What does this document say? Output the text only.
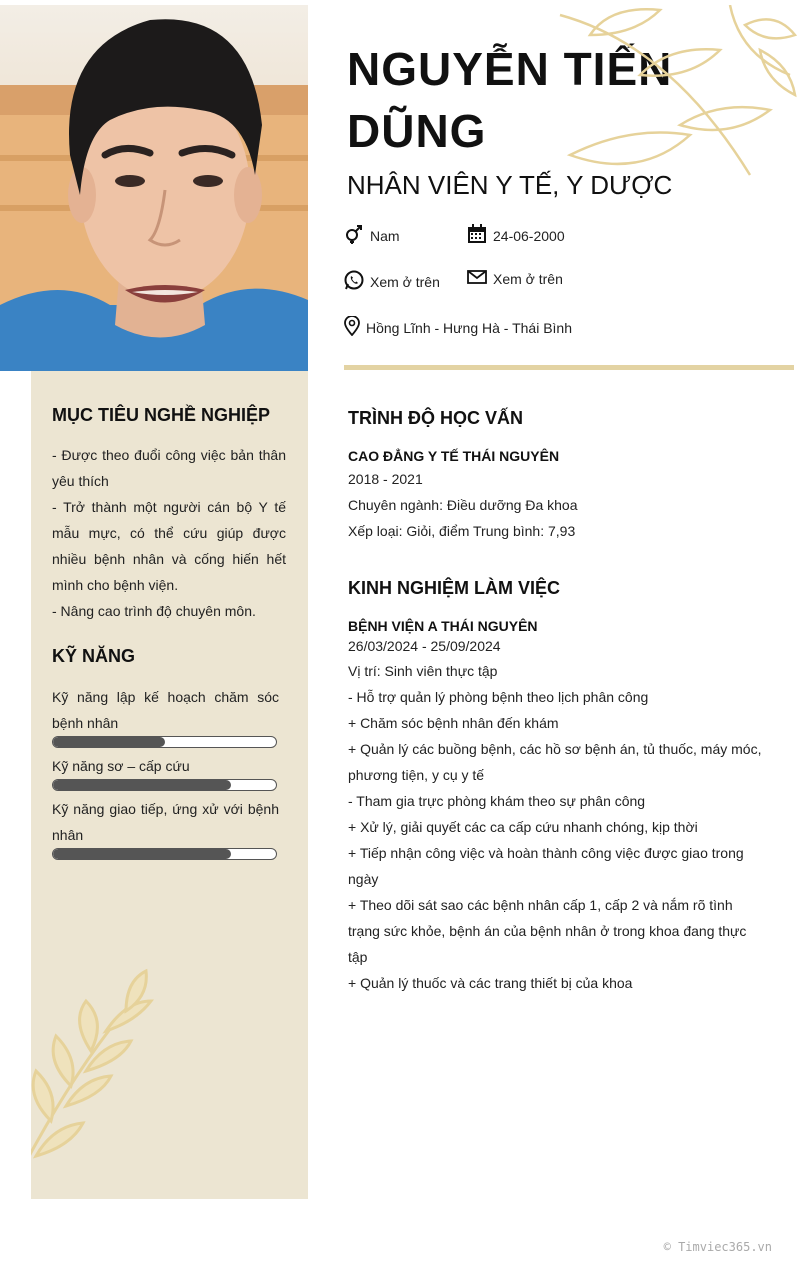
NGUYỄN TIẾN DŨNG
NHÂN VIÊN Y TẾ, Y DƯỢC
Nam	24-06-2000
Xem ở trên	Xem ở trên
Hồng Lĩnh - Hưng Hà - Thái Bình
MỤC TIÊU NGHỀ NGHIỆP
- Được theo đuổi công việc bản thân yêu thích
- Trở thành một người cán bộ Y tế mẫu mực, có thể cứu giúp được nhiều bệnh nhân và cống hiến hết mình cho bệnh viện.
- Nâng cao trình độ chuyên môn.
KỸ NĂNG
Kỹ năng lập kế hoạch chăm sóc bệnh nhân
Kỹ năng sơ – cấp cứu
Kỹ năng giao tiếp, ứng xử với bệnh nhân
TRÌNH ĐỘ HỌC VẤN
CAO ĐẲNG Y TẾ THÁI NGUYÊN
2018 - 2021
Chuyên ngành: Điều dưỡng Đa khoa
Xếp loại: Giỏi, điểm Trung bình: 7,93
KINH NGHIỆM LÀM VIỆC
BỆNH VIỆN A THÁI NGUYÊN
26/03/2024 - 25/09/2024
Vị trí: Sinh viên thực tập
- Hỗ trợ quản lý phòng bệnh theo lịch phân công
+ Chăm sóc bệnh nhân đến khám
+ Quản lý các buồng bệnh, các hồ sơ bệnh án, tủ thuốc, máy móc, phương tiện, y cụ y tế
- Tham gia trực phòng khám theo sự phân công
+ Xử lý, giải quyết các ca cấp cứu nhanh chóng, kịp thời
+ Tiếp nhận công việc và hoàn thành công việc được giao trong ngày
+ Theo dõi sát sao các bệnh nhân cấp 1, cấp 2 và nắm rõ tình trạng sức khỏe, bệnh án của bệnh nhân ở trong khoa đang thực tập
+ Quản lý thuốc và các trang thiết bị của khoa
© Timviec365.vn
